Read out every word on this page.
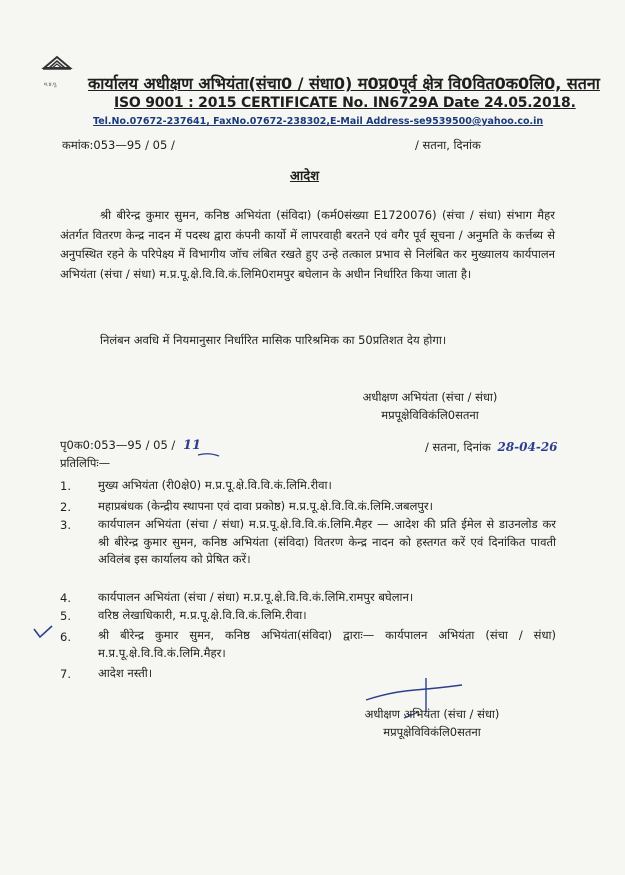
म.प्र.पू. कार्यालय अधीक्षण अभियंता(संचा0 / संधा0) म0प्र0पूर्व क्षेत्र वि0वित0क0लि0, सतना
ISO 9001 : 2015 CERTIFICATE No. IN6729A Date 24.05.2018.
Tel.No.07672-237641, FaxNo.07672-238302,E-Mail Address-se9539500@yahoo.co.in
कमांक:053—95 / 05 /	/ सतना, दिनांक
आदेश
श्री बीरेन्द्र कुमार सुमन, कनिष्ठ अभियंता (संविदा) (कर्म0संख्या E1720076) (संचा / संधा) संभाग मैहर अंतर्गत वितरण केन्द्र नादन में पदस्थ द्वारा कंपनी कार्यो में लापरवाही बरतने एवं वगैर पूर्व सूचना / अनुमति के कर्त्तब्य से अनुपस्थित रहने के परिपेक्ष्य में विभागीय जॉच लंबित रखते हुए उन्हे तत्काल प्रभाव से निलंबित कर मुख्यालय कार्यपालन अभियंता (संचा / संधा) म.प्र.पू.क्षे.वि.वि.कं.लिमि0रामपुर बघेलान के अधीन निर्धारित किया जाता है।
निलंबन अवधि में नियमानुसार निर्धारित मासिक पारिश्रमिक का 50प्रतिशत देय होगा।
अधीक्षण अभियंता (संचा / संधा)
मप्रपूक्षेविविकंलि0सतना
पृ0क0:053—95 / 05 / 11	/ सतना, दिनांक 28-04-26
प्रतिलिपिः—
1. मुख्य अभियंता (री0क्षे0) म.प्र.पू.क्षे.वि.वि.कं.लिमि.रीवा।
2. महाप्रबंधक (केन्द्रीय स्थापना एवं दावा प्रकोष्ठ) म.प्र.पू.क्षे.वि.वि.कं.लिमि.जबलपुर।
3. कार्यपालन अभियंता (संचा / संधा) म.प्र.पू.क्षे.वि.वि.कं.लिमि.मैहर — आदेश की प्रति ईमेल से डाउनलोड कर श्री बीरेन्द्र कुमार सुमन, कनिष्ठ अभियंता (संविदा) वितरण केन्द्र नादन को हस्तगत करें एवं दिनांकित पावती अविलंब इस कार्यालय को प्रेषित करें।
4. कार्यपालन अभियंता (संचा / संधा) म.प्र.पू.क्षे.वि.वि.कं.लिमि.रामपुर बघेलान।
5. वरिष्ठ लेखाधिकारी, म.प्र.पू.क्षे.वि.वि.कं.लिमि.रीवा।
6. श्री बीरेन्द्र कुमार सुमन, कनिष्ठ अभियंता(संविदा) द्वाराः— कार्यपालन अभियंता (संचा / संधा) म.प्र.पू.क्षे.वि.वि.कं.लिमि.मैहर।
7. आदेश नस्ती।
अधीक्षण अभियंता (संचा / संधा)
मप्रपूक्षेविविकंलि0सतना
